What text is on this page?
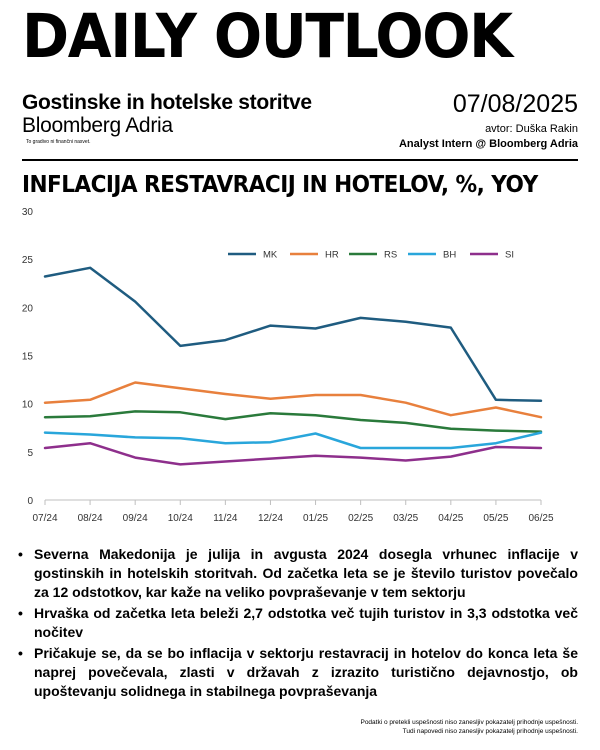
DAILY OUTLOOK
Gostinske in hotelske storitve
Bloomberg Adria
To gradivo ni finančni nasvet.
07/08/2025
avtor: Duška Rakin
Analyst Intern @ Bloomberg Adria
INFLACIJA RESTAVRACIJ IN HOTELOV, %, YOY
0
5
10
15
20
25
30
07/24 08/24 09/24 10/24 11/24 12/24 01/25 02/25 03/25 04/25 05/25 06/25
MK	HR	RS	BH	SI
• Severna Makedonija je julija in avgusta 2024 dosegla vrhunec inflacije v gostinskih in hotelskih storitvah. Od začetka leta se je število turistov povečalo za 12 odstotkov, kar kaže na veliko povpraševanje v tem sektorju
• Hrvaška od začetka leta beleži 2,7 odstotka več tujih turistov in 3,3 odstotka več nočitev
• Pričakuje se, da se bo inflacija v sektorju restavracij in hotelov do konca leta še naprej povečevala, zlasti v državah z izrazito turistično dejavnostjo, ob upoštevanju solidnega in stabilnega povpraševanja
Podatki o pretekli uspešnosti niso zanesljiv pokazatelj prihodnje uspešnosti.
Tudi napovedi niso zanesljiv pokazatelj prihodnje uspešnosti.
